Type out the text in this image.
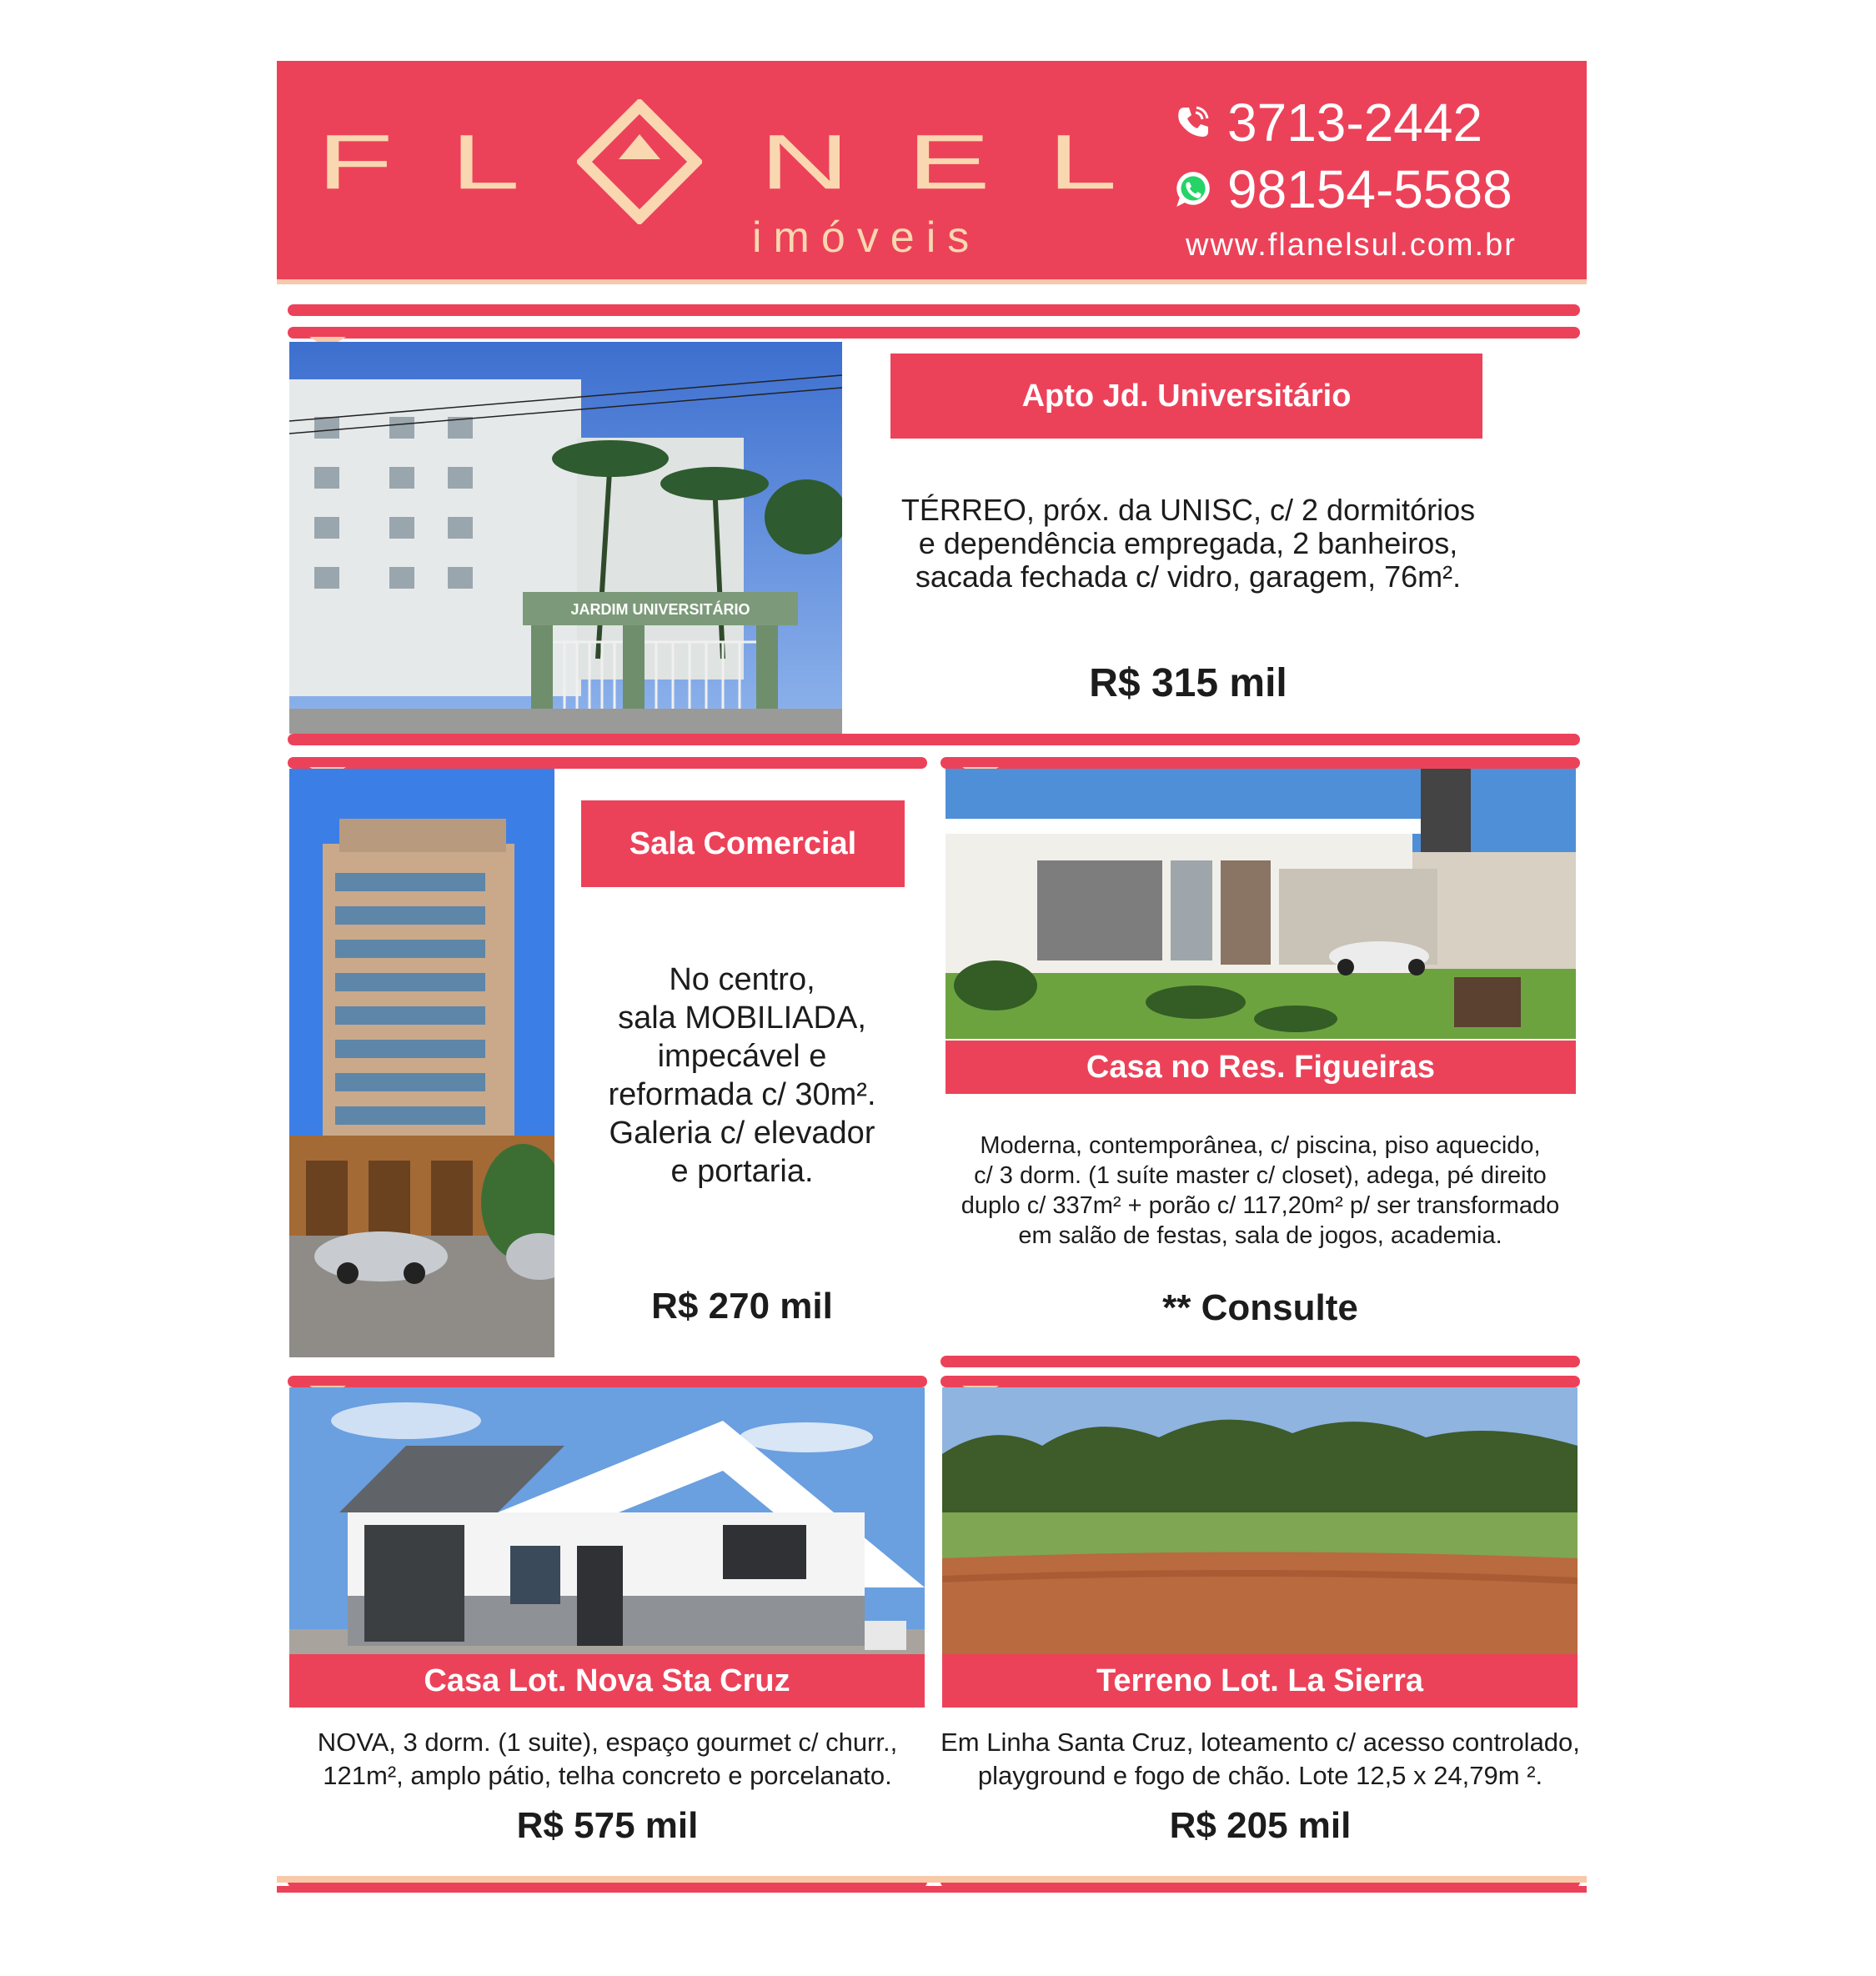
F L N E L
imóveis
3713-2442
98154-5588
www.flanelsul.com.br
JARDIM UNIVERSITÁRIO
Apto Jd. Universitário
TÉRREO, próx. da UNISC, c/ 2 dormitórios
e dependência empregada, 2 banheiros,
sacada fechada c/ vidro, garagem, 76m².
R$ 315 mil
Sala Comercial
No centro,
sala MOBILIADA,
impecável e
reformada c/ 30m².
Galeria c/ elevador
e portaria.
R$ 270 mil
Casa no Res. Figueiras
Moderna, contemporânea, c/ piscina, piso aquecido,
c/ 3 dorm. (1 suíte master c/ closet), adega, pé direito
duplo c/ 337m² + porão c/ 117,20m² p/ ser transformado
em salão de festas, sala de jogos, academia.
** Consulte
Casa Lot. Nova Sta Cruz
NOVA, 3 dorm. (1 suite), espaço gourmet c/ churr.,
121m², amplo pátio, telha concreto e porcelanato.
R$ 575 mil
Terreno Lot. La Sierra
Em Linha Santa Cruz, loteamento c/ acesso controlado,
playground e fogo de chão. Lote 12,5 x 24,79m ².
R$ 205 mil
